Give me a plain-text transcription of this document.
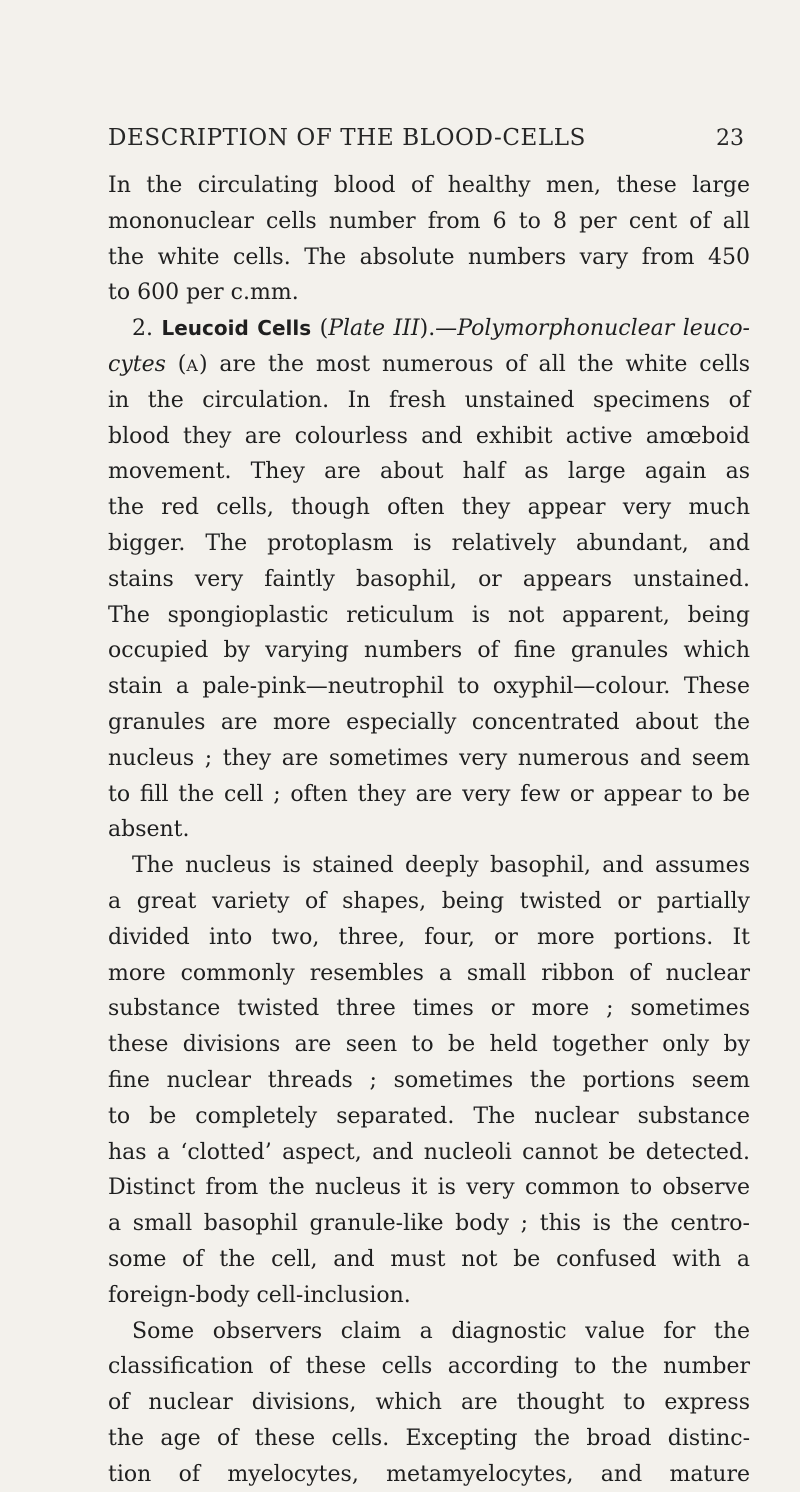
DESCRIPTION OF THE BLOOD-CELLS	23
In the circulating blood of healthy men, these large
mononuclear cells number from 6 to 8 per cent of all
the white cells. The absolute numbers vary from 450
to 600 per c.mm.
2. Leucoid Cells (Plate III).—Polymorphonuclear leuco-
cytes (A) are the most numerous of all the white cells
in the circulation. In fresh unstained specimens of
blood they are colourless and exhibit active amœboid
movement. They are about half as large again as
the red cells, though often they appear very much
bigger. The protoplasm is relatively abundant, and
stains very faintly basophil, or appears unstained.
The spongioplastic reticulum is not apparent, being
occupied by varying numbers of fine granules which
stain a pale-pink—neutrophil to oxyphil—colour. These
granules are more especially concentrated about the
nucleus ; they are sometimes very numerous and seem
to fill the cell ; often they are very few or appear to be
absent.
The nucleus is stained deeply basophil, and assumes
a great variety of shapes, being twisted or partially
divided into two, three, four, or more portions. It
more commonly resembles a small ribbon of nuclear
substance twisted three times or more ; sometimes
these divisions are seen to be held together only by
fine nuclear threads ; sometimes the portions seem
to be completely separated. The nuclear substance
has a ‘clotted’ aspect, and nucleoli cannot be detected.
Distinct from the nucleus it is very common to observe
a small basophil granule-like body ; this is the centro-
some of the cell, and must not be confused with a
foreign-body cell-inclusion.
Some observers claim a diagnostic value for the
classification of these cells according to the number
of nuclear divisions, which are thought to express
the age of these cells. Excepting the broad distinc-
tion of myelocytes, metamyelocytes, and mature
